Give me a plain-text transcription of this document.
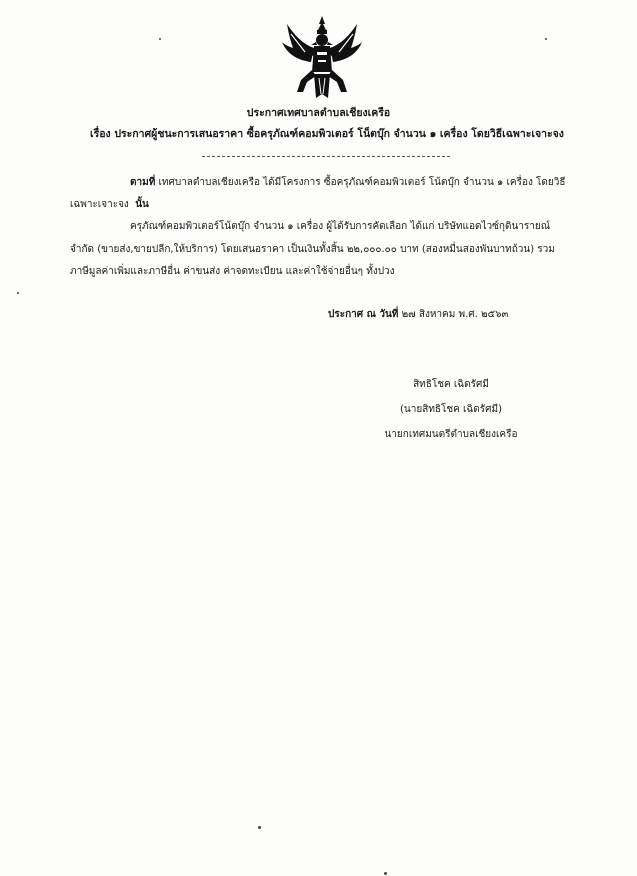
ประกาศเทศบาลตำบลเชียงเครือ
เรื่อง ประกาศผู้ชนะการเสนอราคา ซื้อครุภัณฑ์คอมพิวเตอร์ โน็ตบุ๊ก จำนวน ๑ เครื่อง โดยวิธีเฉพาะเจาะจง
ตามที่ เทศบาลตำบลเชียงเครือ ได้มีโครงการ ซื้อครุภัณฑ์คอมพิวเตอร์ โน้ตบุ๊ก จำนวน ๑ เครื่อง โดยวิธี
เฉพาะเจาะจง นั้น
ครุภัณฑ์คอมพิวเตอร์โน้ตบุ๊ก จำนวน ๑ เครื่อง ผู้ได้รับการคัดเลือก ได้แก่ บริษัทแอดไวซ์กุดินารายณ์
จำกัด (ขายส่ง,ขายปลีก,ให้บริการ) โดยเสนอราคา เป็นเงินทั้งสิ้น ๒๒,๐๐๐.๐๐ บาท (สองหมื่นสองพันบาทถ้วน) รวม
ภาษีมูลค่าเพิ่มและภาษีอื่น ค่าขนส่ง ค่าจดทะเบียน และค่าใช้จ่ายอื่นๆ ทั้งปวง
ประกาศ ณ วันที่ ๒๗ สิงหาคม พ.ศ. ๒๕๖๓
สิทธิโชค เฉิดรัศมี
(นายสิทธิโชค เฉิดรัศมี)
นายกเทศมนตรีตำบลเชียงเครือ
